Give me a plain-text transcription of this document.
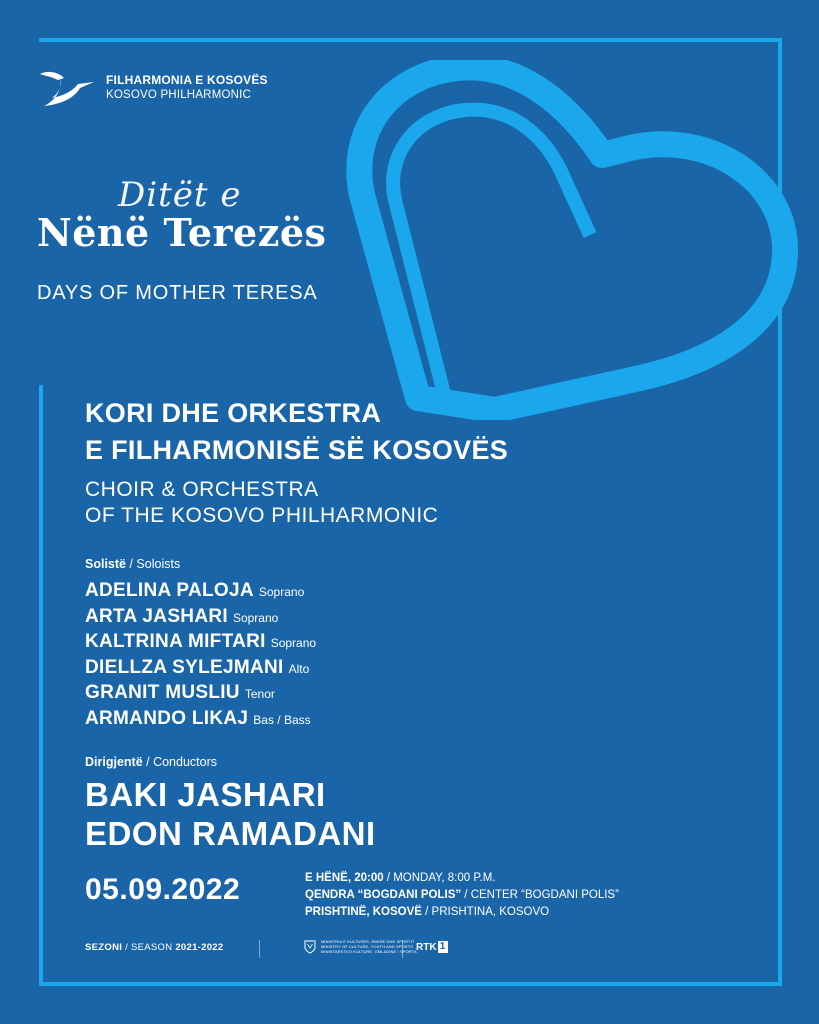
FILHARMONIA E KOSOVËS
KOSOVO PHILHARMONIC
Ditët e
Nënë Terezës
DAYS OF MOTHER TERESA
KORI DHE ORKESTRA
E FILHARMONISË SË KOSOVËS
CHOIR & ORCHESTRA
OF THE KOSOVO PHILHARMONIC
Solistë / Soloists
ADELINA PALOJA Soprano
ARTA JASHARI Soprano
KALTRINA MIFTARI Soprano
DIELLZA SYLEJMANI Alto
GRANIT MUSLIU Tenor
ARMANDO LIKAJ Bas / Bass
Dirigjentë / Conductors
BAKI JASHARI
EDON RAMADANI
05.09.2022	E HËNË, 20:00 / MONDAY, 8:00 P.M.
QENDRA “BOGDANI POLIS” / CENTER “BOGDANI POLIS”
PRISHTINË, KOSOVË / PRISHTINA, KOSOVO
SEZONI / SEASON 2021-2022
MINISTRIA E KULTURËS, RINISË DHE SPORTIT
MINISTRY OF CULTURE, YOUTH AND SPORTS
MINISTARSTVO KULTURE, OMLADINE I SPORTA RTK 1
